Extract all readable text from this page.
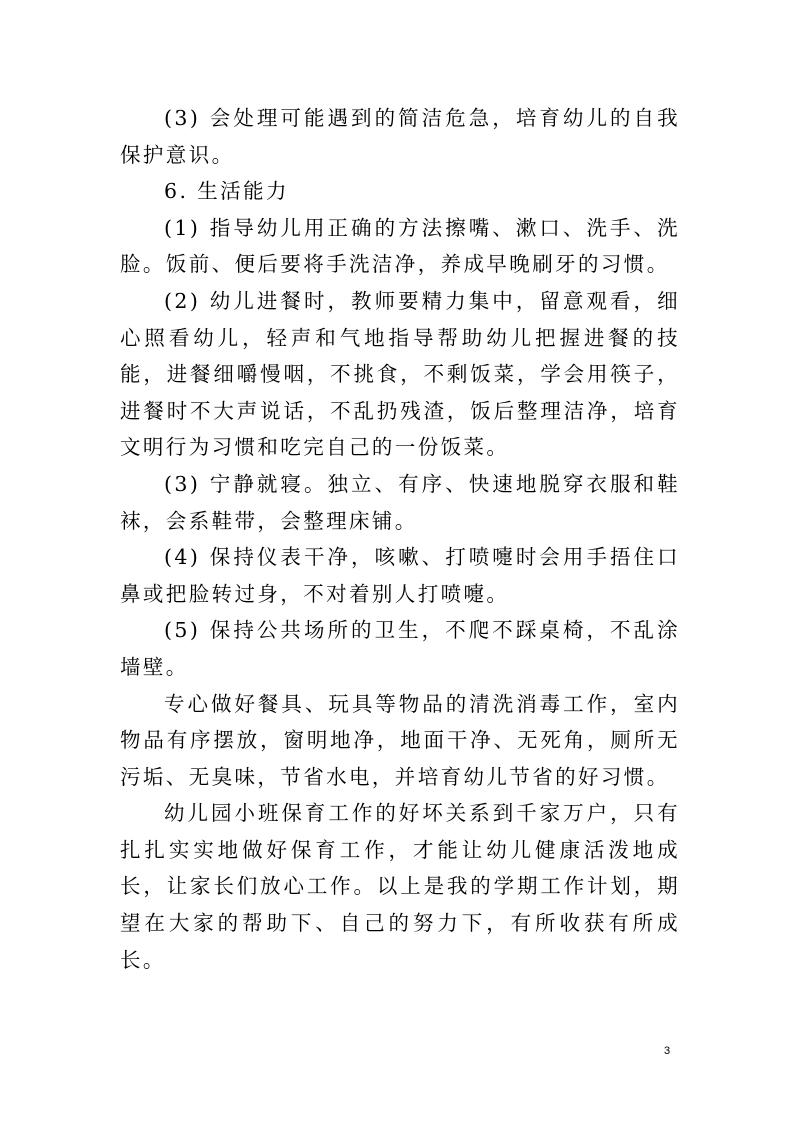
(3) 会处理可能遇到的简洁危急，培育幼儿的自我保护意识。

6. 生活能力

(1) 指导幼儿用正确的方法擦嘴、漱口、洗手、洗脸。饭前、便后要将手洗洁净，养成早晚刷牙的习惯。

(2) 幼儿进餐时，教师要精力集中，留意观看，细心照看幼儿，轻声和气地指导帮助幼儿把握进餐的技能，进餐细嚼慢咽，不挑食，不剩饭菜，学会用筷子，进餐时不大声说话，不乱扔残渣，饭后整理洁净，培育文明行为习惯和吃完自己的一份饭菜。

(3) 宁静就寝。独立、有序、快速地脱穿衣服和鞋袜，会系鞋带，会整理床铺。

(4) 保持仪表干净，咳嗽、打喷嚏时会用手捂住口鼻或把脸转过身，不对着别人打喷嚏。

(5) 保持公共场所的卫生，不爬不踩桌椅，不乱涂墙壁。

专心做好餐具、玩具等物品的清洗消毒工作，室内物品有序摆放，窗明地净，地面干净、无死角，厕所无污垢、无臭味，节省水电，并培育幼儿节省的好习惯。

幼儿园小班保育工作的好坏关系到千家万户，只有扎扎实实地做好保育工作，才能让幼儿健康活泼地成长，让家长们放心工作。以上是我的学期工作计划，期望在大家的帮助下、自己的努力下，有所收获有所成长。

3
